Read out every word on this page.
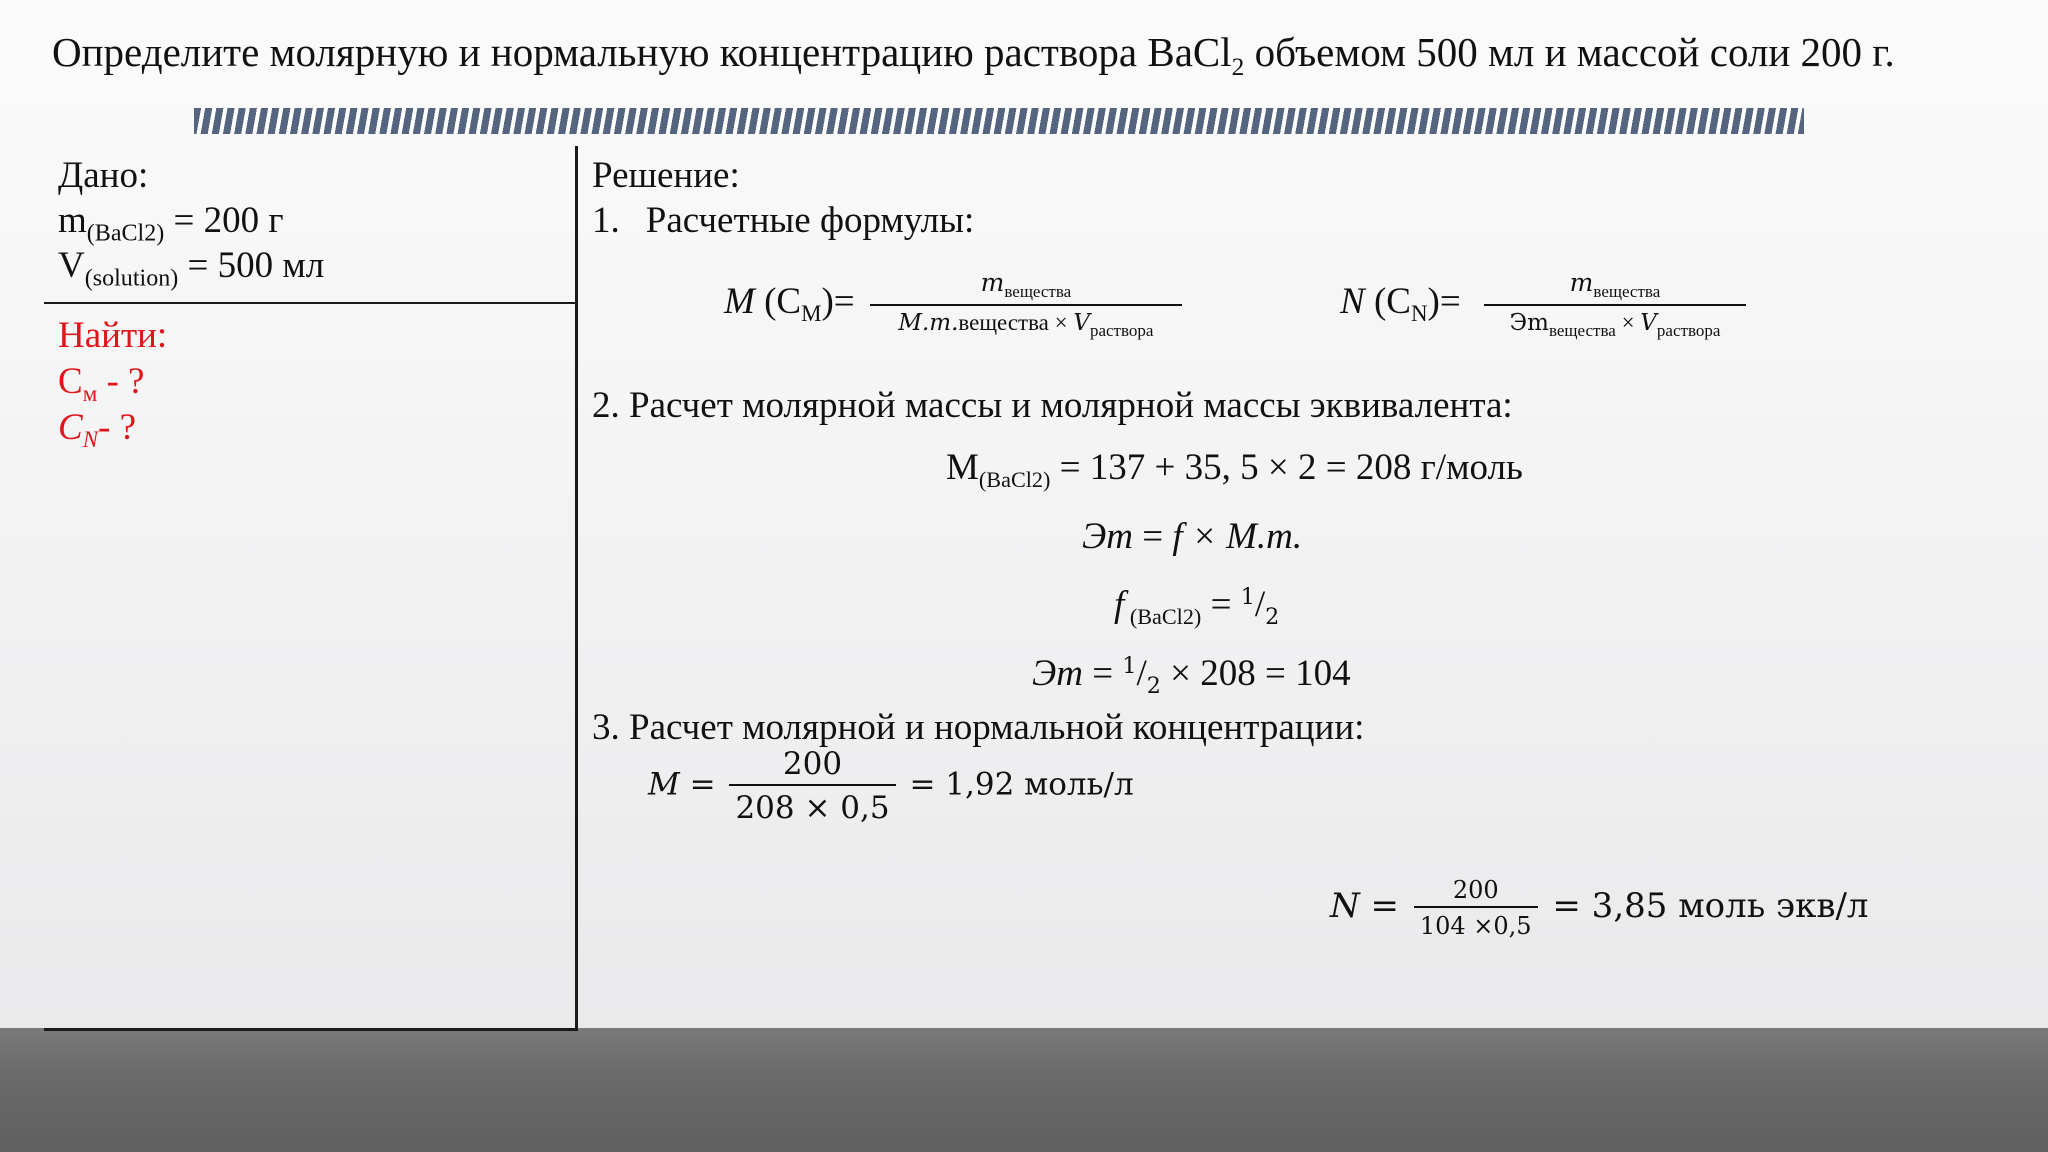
Определите молярную и нормальную концентрацию раствора BaCl$_2$ объемом 500 мл и массой соли 200 г.
Дано:
$m_{(BaCl2)} = 200$ г
$V_{(solution)} = 500$ мл
Найти:
$C_м$ - ?
$C_N-$ ?
Решение:
1. Расчетные формулы:
M $(C_M)= \frac{m_{вещества}}{M.m.вещества \times V_{раствора}}$	N $(C_N)= \frac{m_{вещества}}{Эm_{вещества} \times V_{раствора}}$
2. Расчет молярной массы и молярной массы эквивалента:
$M_{(BaCl2)} = 137 + 35$, 5 × 2 = 208 г/моль
Эm = f × M.m.
f $_{(BaCl2)} = ^1/_2$
Эm = $^1/_2 \times 208 = 104$
3. Расчет молярной и нормальной концентрации:
$M = \frac{200}{208 \times 0,5} = 1,92$ моль/л
$N = \frac{200}{104 \times 0,5} = 3,85$ моль экв/л
